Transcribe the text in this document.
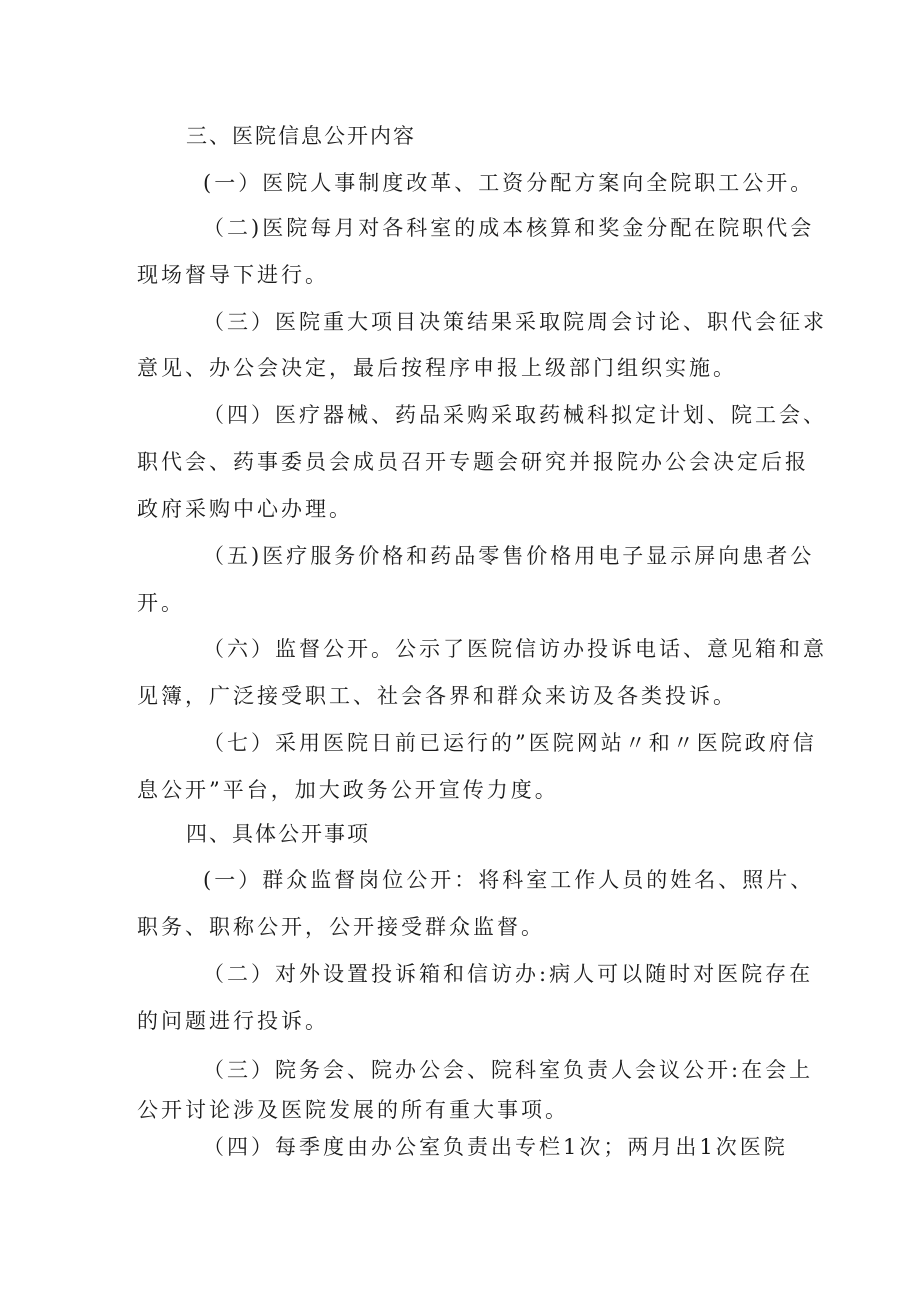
三、医院信息公开内容

(一）医院人事制度改革、工资分配方案向全院职工公开。

（二)医院每月对各科室的成本核算和奖金分配在院职代会

现场督导下进行。

（三）医院重大项目决策结果采取院周会讨论、职代会征求

意见、办公会决定，最后按程序申报上级部门组织实施。

（四）医疗器械、药品采购采取药械科拟定计划、院工会、

职代会、药事委员会成员召开专题会研究并报院办公会决定后报

政府采购中心办理。

（五)医疗服务价格和药品零售价格用电子显示屏向患者公

开。

（六）监督公开。公示了医院信访办投诉电话、意见箱和意

见簿，广泛接受职工、社会各界和群众来访及各类投诉。

（七）采用医院日前已运行的”医院网站〃和〃医院政府信

息公开”平台，加大政务公开宣传力度。

四、具体公开事项

(一）群众监督岗位公开：将科室工作人员的姓名、照片、

职务、职称公开，公开接受群众监督。

（二）对外设置投诉箱和信访办:病人可以随时对医院存在

的问题进行投诉。

（三）院务会、院办公会、院科室负责人会议公开:在会上

公开讨论涉及医院发展的所有重大事项。

（四）每季度由办公室负责出专栏1次；两月出1次医院
